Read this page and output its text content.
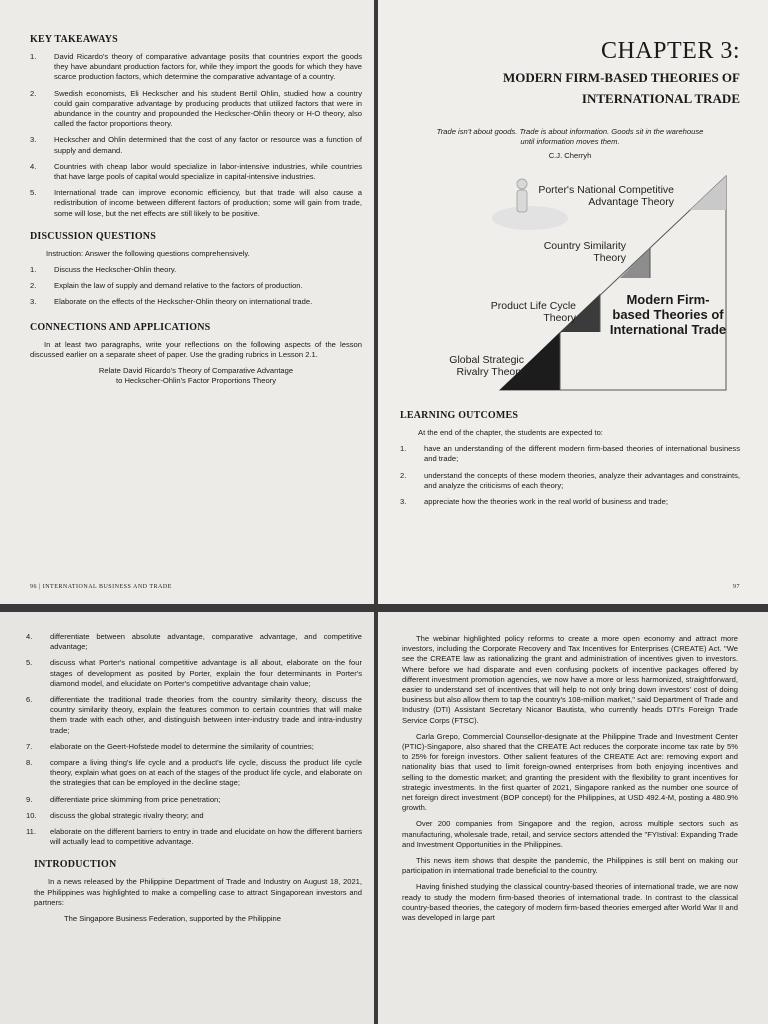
KEY TAKEAWAYS
1. David Ricardo's theory of comparative advantage posits that countries export the goods they have abundant production factors for, while they import the goods for which they have scarce production factors, which determine the comparative advantage of a country.
2. Swedish economists, Eli Heckscher and his student Bertil Ohlin, studied how a country could gain comparative advantage by producing products that utilized factors that were in abundance in the country and propounded the Heckscher-Ohlin theory or H-O theory, also called the factor proportions theory.
3. Heckscher and Ohlin determined that the cost of any factor or resource was a function of supply and demand.
4. Countries with cheap labor would specialize in labor-intensive industries, while countries that have large pools of capital would specialize in capital-intensive industries.
5. International trade can improve economic efficiency, but that trade will also cause a redistribution of income between different factors of production; some will gain from trade, some will lose, but the net effects are still likely to be positive.
DISCUSSION QUESTIONS
Instruction: Answer the following questions comprehensively.
1. Discuss the Heckscher-Ohlin theory.
2. Explain the law of supply and demand relative to the factors of production.
3. Elaborate on the effects of the Heckscher-Ohlin theory on international trade.
CONNECTIONS AND APPLICATIONS

In at least two paragraphs, write your reflections on the following aspects of the lesson discussed earlier on a separate sheet of paper. Use the grading rubrics in Lesson 2.1.

Relate David Ricardo's Theory of Comparative Advantage
to Heckscher-Ohlin's Factor Proportions Theory
96 | INTERNATIONAL BUSINESS AND TRADE
CHAPTER 3:
MODERN FIRM-BASED THEORIES OF
INTERNATIONAL TRADE
Trade isn't about goods. Trade is about information. Goods sit in the warehouse until information moves them.
C.J. Cherryh
Porter's National Competitive Advantage Theory
Country Similarity Theory
Product Life Cycle Theory
Global Strategic Rivalry Theory
Modern Firm-based Theories of International Trade
LEARNING OUTCOMES
At the end of the chapter, the students are expected to:
1. have an understanding of the different modern firm-based theories of international business and trade;
2. understand the concepts of these modern theories, analyze their advantages and constraints, and analyze the criticisms of each theory;
3. appreciate how the theories work in the real world of business and trade;
97
4. differentiate between absolute advantage, comparative advantage, and competitive advantage;
5. discuss what Porter's national competitive advantage is all about, elaborate on the four stages of development as posited by Porter, explain the four determinants in Porter's diamond model, and elucidate on Porter's competitive advantage chain value;
6. differentiate the traditional trade theories from the country similarity theory, discuss the country similarity theory, explain the features common to certain countries that will make them trade with each other, and distinguish between inter-industry trade and intra-industry trade;
7. elaborate on the Geert-Hofstede model to determine the similarity of countries;
8. compare a living thing's life cycle and a product's life cycle, discuss the product life cycle theory, explain what goes on at each of the stages of the product life cycle, and elaborate on the strategies that can be employed in the decline stage;
9. differentiate price skimming from price penetration;
10. discuss the global strategic rivalry theory; and
11. elaborate on the different barriers to entry in trade and elucidate on how the different barriers will actually lead to competitive advantage.
INTRODUCTION

In a news released by the Philippine Department of Trade and Industry on August 18, 2021, the Philippines was highlighted to make a compelling case to attract Singaporean investors and partners:

The Singapore Business Federation, supported by the Philippine

The webinar highlighted policy reforms to create a more open economy and attract more investors, including the Corporate Recovery and Tax Incentives for Enterprises (CREATE) Act. "We see the CREATE law as rationalizing the grant and administration of incentives given to investors. Where before we had disparate and even confusing pockets of incentive packages offered by different investment promotion agencies, we now have a more or less harmonized, straightforward, easier to understand set of incentives that will help to not only bring down investors' cost of doing business but also allow them to tap the country's 108-million market," said Department of Trade and Industry (DTI) Assistant Secretary Nicanor Bautista, who currently heads DTI's Foreign Trade Service Corps (FTSC).

Carla Grepo, Commercial Counsellor-designate at the Philippine Trade and Investment Center (PTIC)-Singapore, also shared that the CREATE Act reduces the corporate income tax rate by 5% to 25% for foreign investors. Other salient features of the CREATE Act are: removing export and nationality bias that used to limit foreign-owned enterprises from both enjoying incentives and selling to the domestic market; and granting the president with the flexibility to grant incentives for strategic investments. In the first quarter of 2021, Singapore ranked as the number one source of net foreign direct investment (BOP concept) for the Philippines, at USD 492.4-M, posting a 480.9% growth.

Over 200 companies from Singapore and the region, across multiple sectors such as manufacturing, wholesale trade, retail, and service sectors attended the "FYIstival: Expanding Trade and Investment Opportunities in the Philippines.

This news item shows that despite the pandemic, the Philippines is still bent on making our participation in international trade beneficial to the country.

Having finished studying the classical country-based theories of international trade, we are now ready to study the modern firm-based theories of international trade. In contrast to the classical country-based theories, the category of modern firm-based theories emerged after World War II and was developed in large part
